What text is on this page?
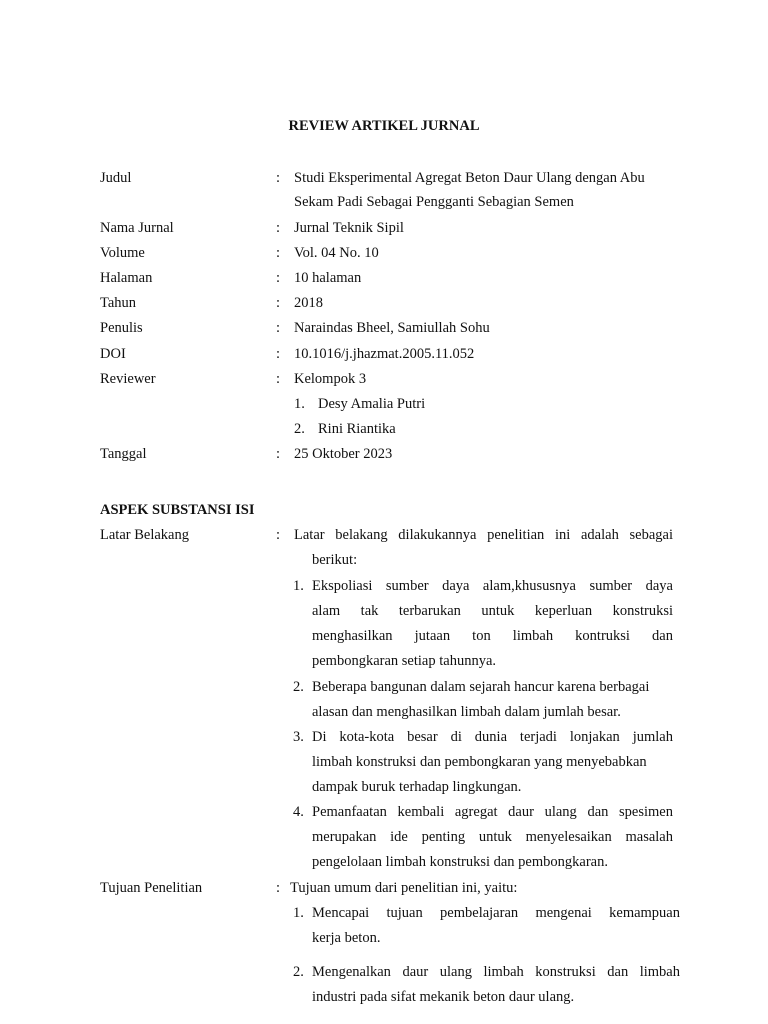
REVIEW ARTIKEL JURNAL
Judul	: Studi Eksperimental Agregat Beton Daur Ulang dengan Abu
Sekam Padi Sebagai Pengganti Sebagian Semen
Nama Jurnal	: Jurnal Teknik Sipil
Volume	: Vol. 04 No. 10
Halaman	: 10 halaman
Tahun	: 2018
Penulis	: Naraindas Bheel, Samiullah Sohu
DOI	: 10.1016/j.jhazmat.2005.11.052
Reviewer	: Kelompok 3
1. Desy Amalia Putri
2. Rini Riantika
Tanggal	: 25 Oktober 2023
ASPEK SUBSTANSI ISI
Latar Belakang	: Latar belakang dilakukannya penelitian ini adalah sebagai
berikut:
1. Ekspoliasi sumber daya alam,khususnya sumber daya
alam tak terbarukan untuk keperluan konstruksi
menghasilkan jutaan ton limbah kontruksi dan
pembongkaran setiap tahunnya.
2. Beberapa bangunan dalam sejarah hancur karena berbagai
alasan dan menghasilkan limbah dalam jumlah besar.
3. Di kota-kota besar di dunia terjadi lonjakan jumlah
limbah konstruksi dan pembongkaran yang menyebabkan
dampak buruk terhadap lingkungan.
4. Pemanfaatan kembali agregat daur ulang dan spesimen
merupakan ide penting untuk menyelesaikan masalah
pengelolaan limbah konstruksi dan pembongkaran.
Tujuan Penelitian	: Tujuan umum dari penelitian ini, yaitu:
1. Mencapai tujuan pembelajaran mengenai kemampuan
kerja beton.
2. Mengenalkan daur ulang limbah konstruksi dan limbah
industri pada sifat mekanik beton daur ulang.
